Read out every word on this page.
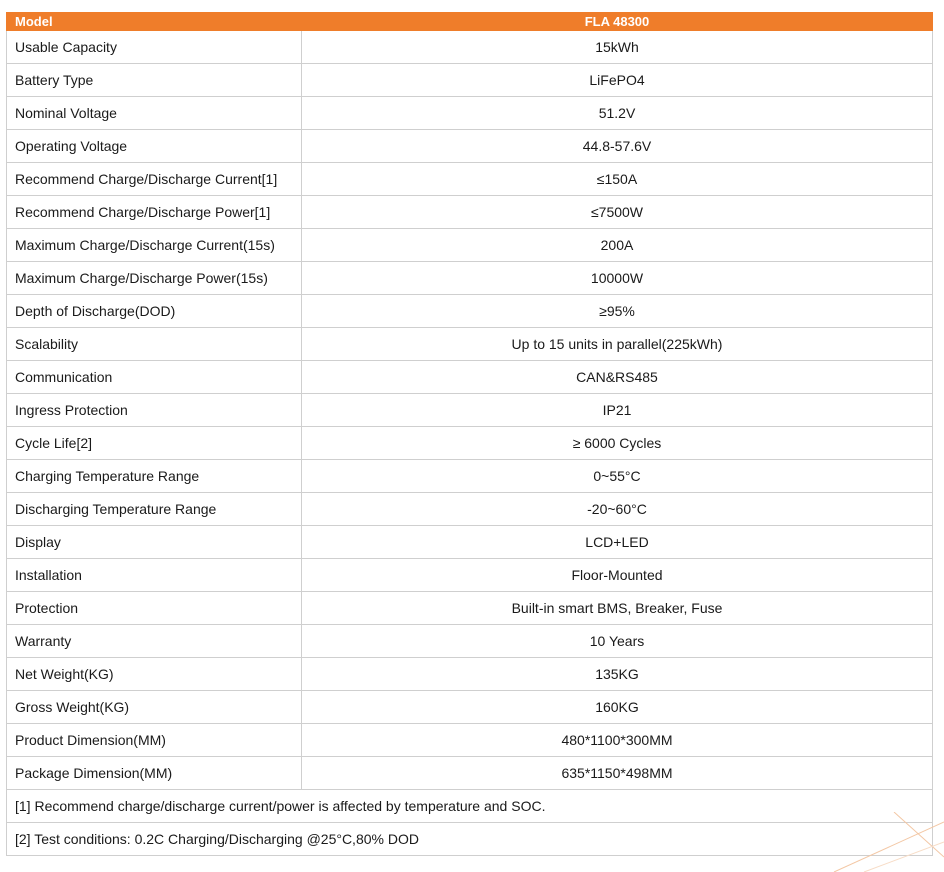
Model	FLA 48300
Usable Capacity	15kWh
Battery Type	LiFePO4
Nominal Voltage	51.2V
Operating Voltage	44.8-57.6V
Recommend Charge/Discharge Current[1]	≤150A
Recommend Charge/Discharge Power[1]	≤7500W
Maximum Charge/Discharge Current(15s)	200A
Maximum Charge/Discharge Power(15s)	10000W
Depth of Discharge(DOD)	≥95%
Scalability	Up to 15 units in parallel(225kWh)
Communication	CAN&RS485
Ingress Protection	IP21
Cycle Life[2]	≥ 6000 Cycles
Charging Temperature Range	0~55°C
Discharging Temperature Range	-20~60°C
Display	LCD+LED
Installation	Floor-Mounted
Protection	Built-in smart BMS, Breaker, Fuse
Warranty	10 Years
Net Weight(KG)	135KG
Gross Weight(KG)	160KG
Product Dimension(MM)	480*1100*300MM
Package Dimension(MM)	635*1150*498MM
[1] Recommend charge/discharge current/power is affected by temperature and SOC.	
[2] Test conditions: 0.2C Charging/Discharging @25°C,80% DOD	
